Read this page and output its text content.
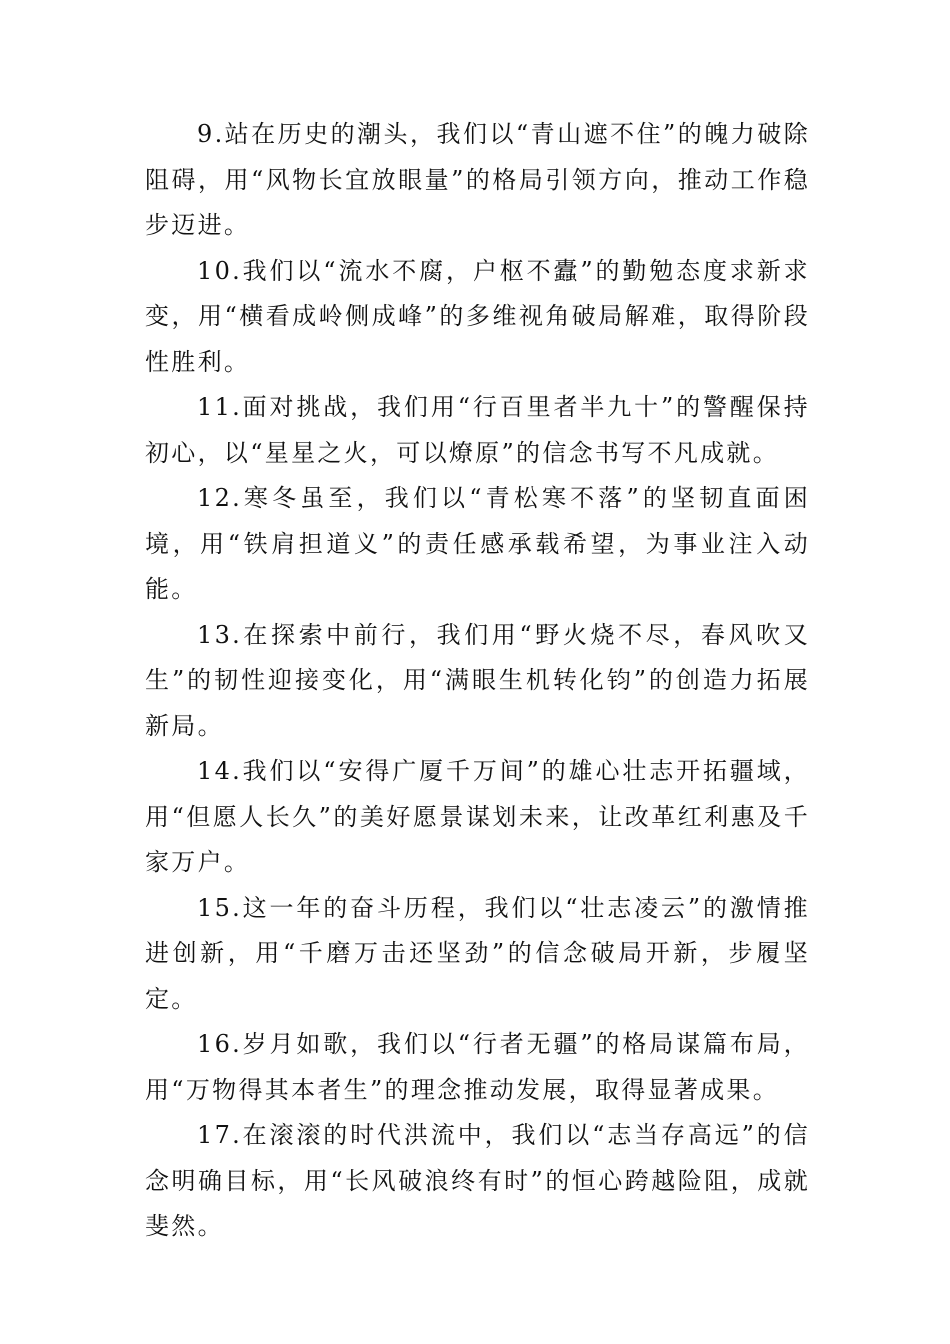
9.站在历史的潮头，我们以“青山遮不住”的魄力破除阻碍，用“风物长宜放眼量”的格局引领方向，推动工作稳步迈进。

10.我们以“流水不腐，户枢不蠹”的勤勉态度求新求变，用“横看成岭侧成峰”的多维视角破局解难，取得阶段性胜利。

11.面对挑战，我们用“行百里者半九十”的警醒保持初心，以“星星之火，可以燎原”的信念书写不凡成就。

12.寒冬虽至，我们以“青松寒不落”的坚韧直面困境，用“铁肩担道义”的责任感承载希望，为事业注入动能。

13.在探索中前行，我们用“野火烧不尽，春风吹又生”的韧性迎接变化，用“满眼生机转化钧”的创造力拓展新局。

14.我们以“安得广厦千万间”的雄心壮志开拓疆域，用“但愿人长久”的美好愿景谋划未来，让改革红利惠及千家万户。

15.这一年的奋斗历程，我们以“壮志凌云”的激情推进创新，用“千磨万击还坚劲”的信念破局开新，步履坚定。

16.岁月如歌，我们以“行者无疆”的格局谋篇布局，用“万物得其本者生”的理念推动发展，取得显著成果。

17.在滚滚的时代洪流中，我们以“志当存高远”的信念明确目标，用“长风破浪终有时”的恒心跨越险阻，成就斐然。
